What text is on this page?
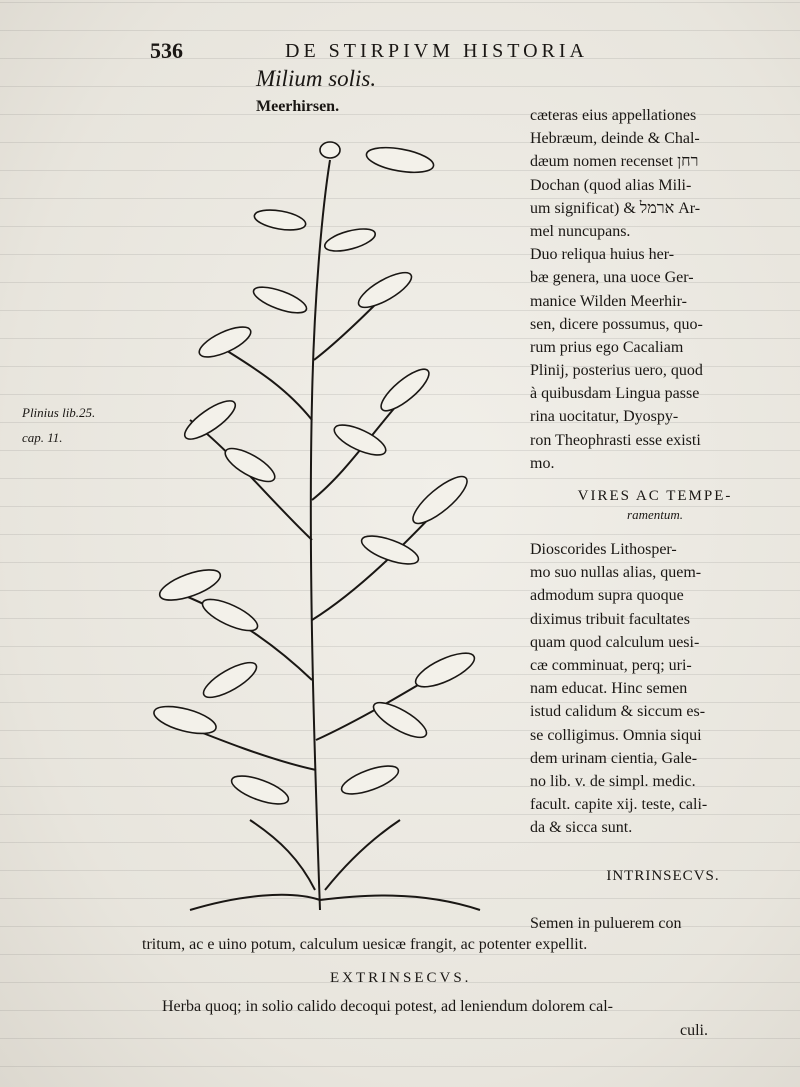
536	DE STIRPIVM HISTORIA
Milium solis.
Meerhirsen.
Plinius lib.25.
cap. 11.
cæteras eius appellationes
Hebræum, deinde & Chal-
dæum nomen recenset רחן
Dochan (quod alias Mili-
um significat) & ארמל Ar-
mel nuncupans.
Duo reliqua huius her-
bæ genera, una uoce Ger-
manice Wilden Meerhir-
sen, dicere possumus, quo-
rum prius ego Cacaliam
Plinij, posterius uero, quod
à quibusdam Lingua passe
rina uocitatur, Dyospy-
ron Theophrasti esse existi
mo.
VIRES AC TEMPE-
ramentum.
Dioscorides Lithosper-
mo suo nullas alias, quem-
admodum supra quoque
diximus tribuit facultates
quam quod calculum uesi-
cæ comminuat, perq; uri-
nam educat. Hinc semen
istud calidum & siccum es-
se colligimus. Omnia siqui
dem urinam cientia, Gale-
no lib. v. de simpl. medic.
facult. capite xij. teste, cali-
da & sicca sunt.
INTRINSECVS.
Semen in puluerem con
tritum, ac e uino potum, calculum uesicæ frangit, ac potenter expellit.
EXTRINSECVS.
Herba quoq; in solio calido decoqui potest, ad leniendum dolorem cal-
culi.
